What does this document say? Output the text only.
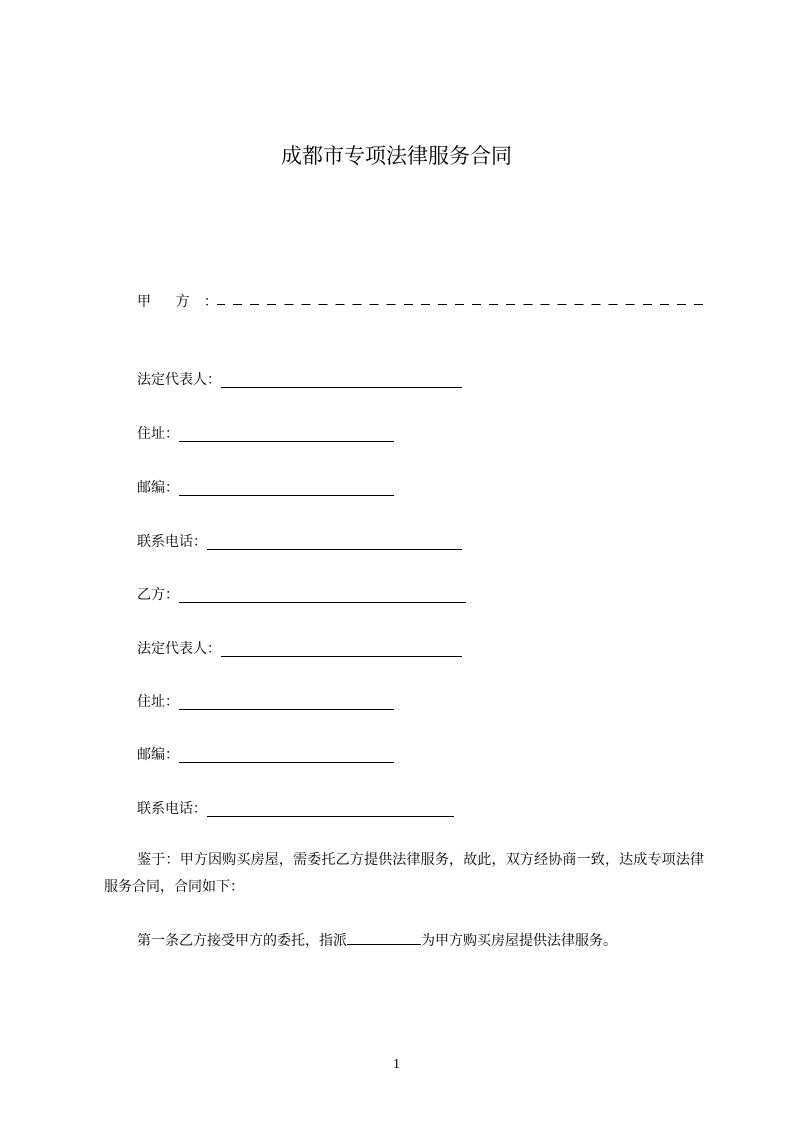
成都市专项法律服务合同
甲 方 ：
法定代表人：
住址：
邮编：
联系电话：
乙方：
法定代表人：
住址：
邮编：
联系电话：
鉴于：甲方因购买房屋，需委托乙方提供法律服务，故此，双方经协商一致，达成专项法律服务合同，合同如下：
第一条乙方接受甲方的委托，指派	为甲方购买房屋提供法律服务。
1
